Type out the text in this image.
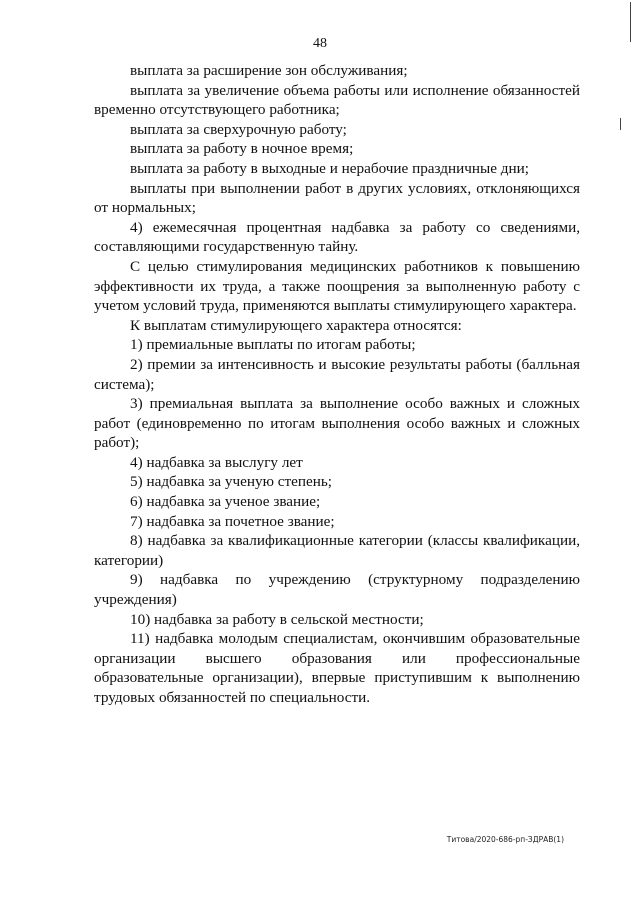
48

выплата за расширение зон обслуживания;

выплата за увеличение объема работы или исполнение обязанностей временно отсутствующего работника;

выплата за сверхурочную работу;

выплата за работу в ночное время;

выплата за работу в выходные и нерабочие праздничные дни;

выплаты при выполнении работ в других условиях, отклоняющихся от нормальных;

4) ежемесячная процентная надбавка за работу со сведениями, составляющими государственную тайну.

С целью стимулирования медицинских работников к повышению эффективности их труда, а также поощрения за выполненную работу с учетом условий труда, применяются выплаты стимулирующего характера.

К выплатам стимулирующего характера относятся:

1) премиальные выплаты по итогам работы;

2) премии за интенсивность и высокие результаты работы (балльная система);

3) премиальная выплата за выполнение особо важных и сложных работ (единовременно по итогам выполнения особо важных и сложных работ);

4) надбавка за выслугу лет

5) надбавка за ученую степень;

6) надбавка за ученое звание;

7) надбавка за почетное звание;

8) надбавка за квалификационные категории (классы квалификации, категории)

9) надбавка по учреждению (структурному подразделению учреждения)

10) надбавка за работу в сельской местности;

11) надбавка молодым специалистам, окончившим образовательные организации высшего образования или профессиональные образовательные организации), впервые приступившим к выполнению трудовых обязанностей по специальности.

Титова/2020-686-рп-ЗДРАВ(1)
